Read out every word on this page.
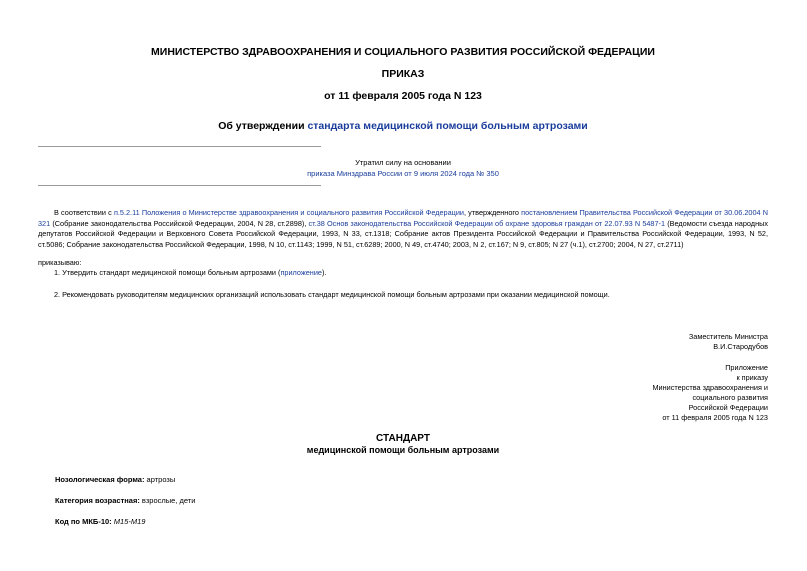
МИНИСТЕРСТВО ЗДРАВООХРАНЕНИЯ И СОЦИАЛЬНОГО РАЗВИТИЯ РОССИЙСКОЙ ФЕДЕРАЦИИ
ПРИКАЗ
от 11 февраля 2005 года N 123
Об утверждении стандарта медицинской помощи больным артрозами
Утратил силу на основании
приказа Минздрава России от 9 июля 2024 года № 350
В соответствии с п.5.2.11 Положения о Министерстве здравоохранения и социального развития Российской Федерации, утвержденного постановлением Правительства Российской Федерации от 30.06.2004 N 321 (Собрание законодательства Российской Федерации, 2004, N 28, ст.2898), ст.38 Основ законодательства Российской Федерации об охране здоровья граждан от 22.07.93 N 5487-1 (Ведомости съезда народных депутатов Российской Федерации и Верховного Совета Российской Федерации, 1993, N 33, ст.1318; Собрание актов Президента Российской Федерации и Правительства Российской Федерации, 1993, N 52, ст.5086; Собрание законодательства Российской Федерации, 1998, N 10, ст.1143; 1999, N 51, ст.6289; 2000, N 49, ст.4740; 2003, N 2, ст.167; N 9, ст.805; N 27 (ч.1), ст.2700; 2004, N 27, ст.2711)
приказываю:
1. Утвердить стандарт медицинской помощи больным артрозами (приложение).
2. Рекомендовать руководителям медицинских организаций использовать стандарт медицинской помощи больным артрозами при оказании медицинской помощи.
Заместитель Министра
В.И.Стародубов
Приложение
к приказу
Министерства здравоохранения и
социального развития
Российской Федерации
от 11 февраля 2005 года N 123
СТАНДАРТ
медицинской помощи больным артрозами
Нозологическая форма: артрозы
Категория возрастная: взрослые, дети
Код по МКБ-10: M15-M19
